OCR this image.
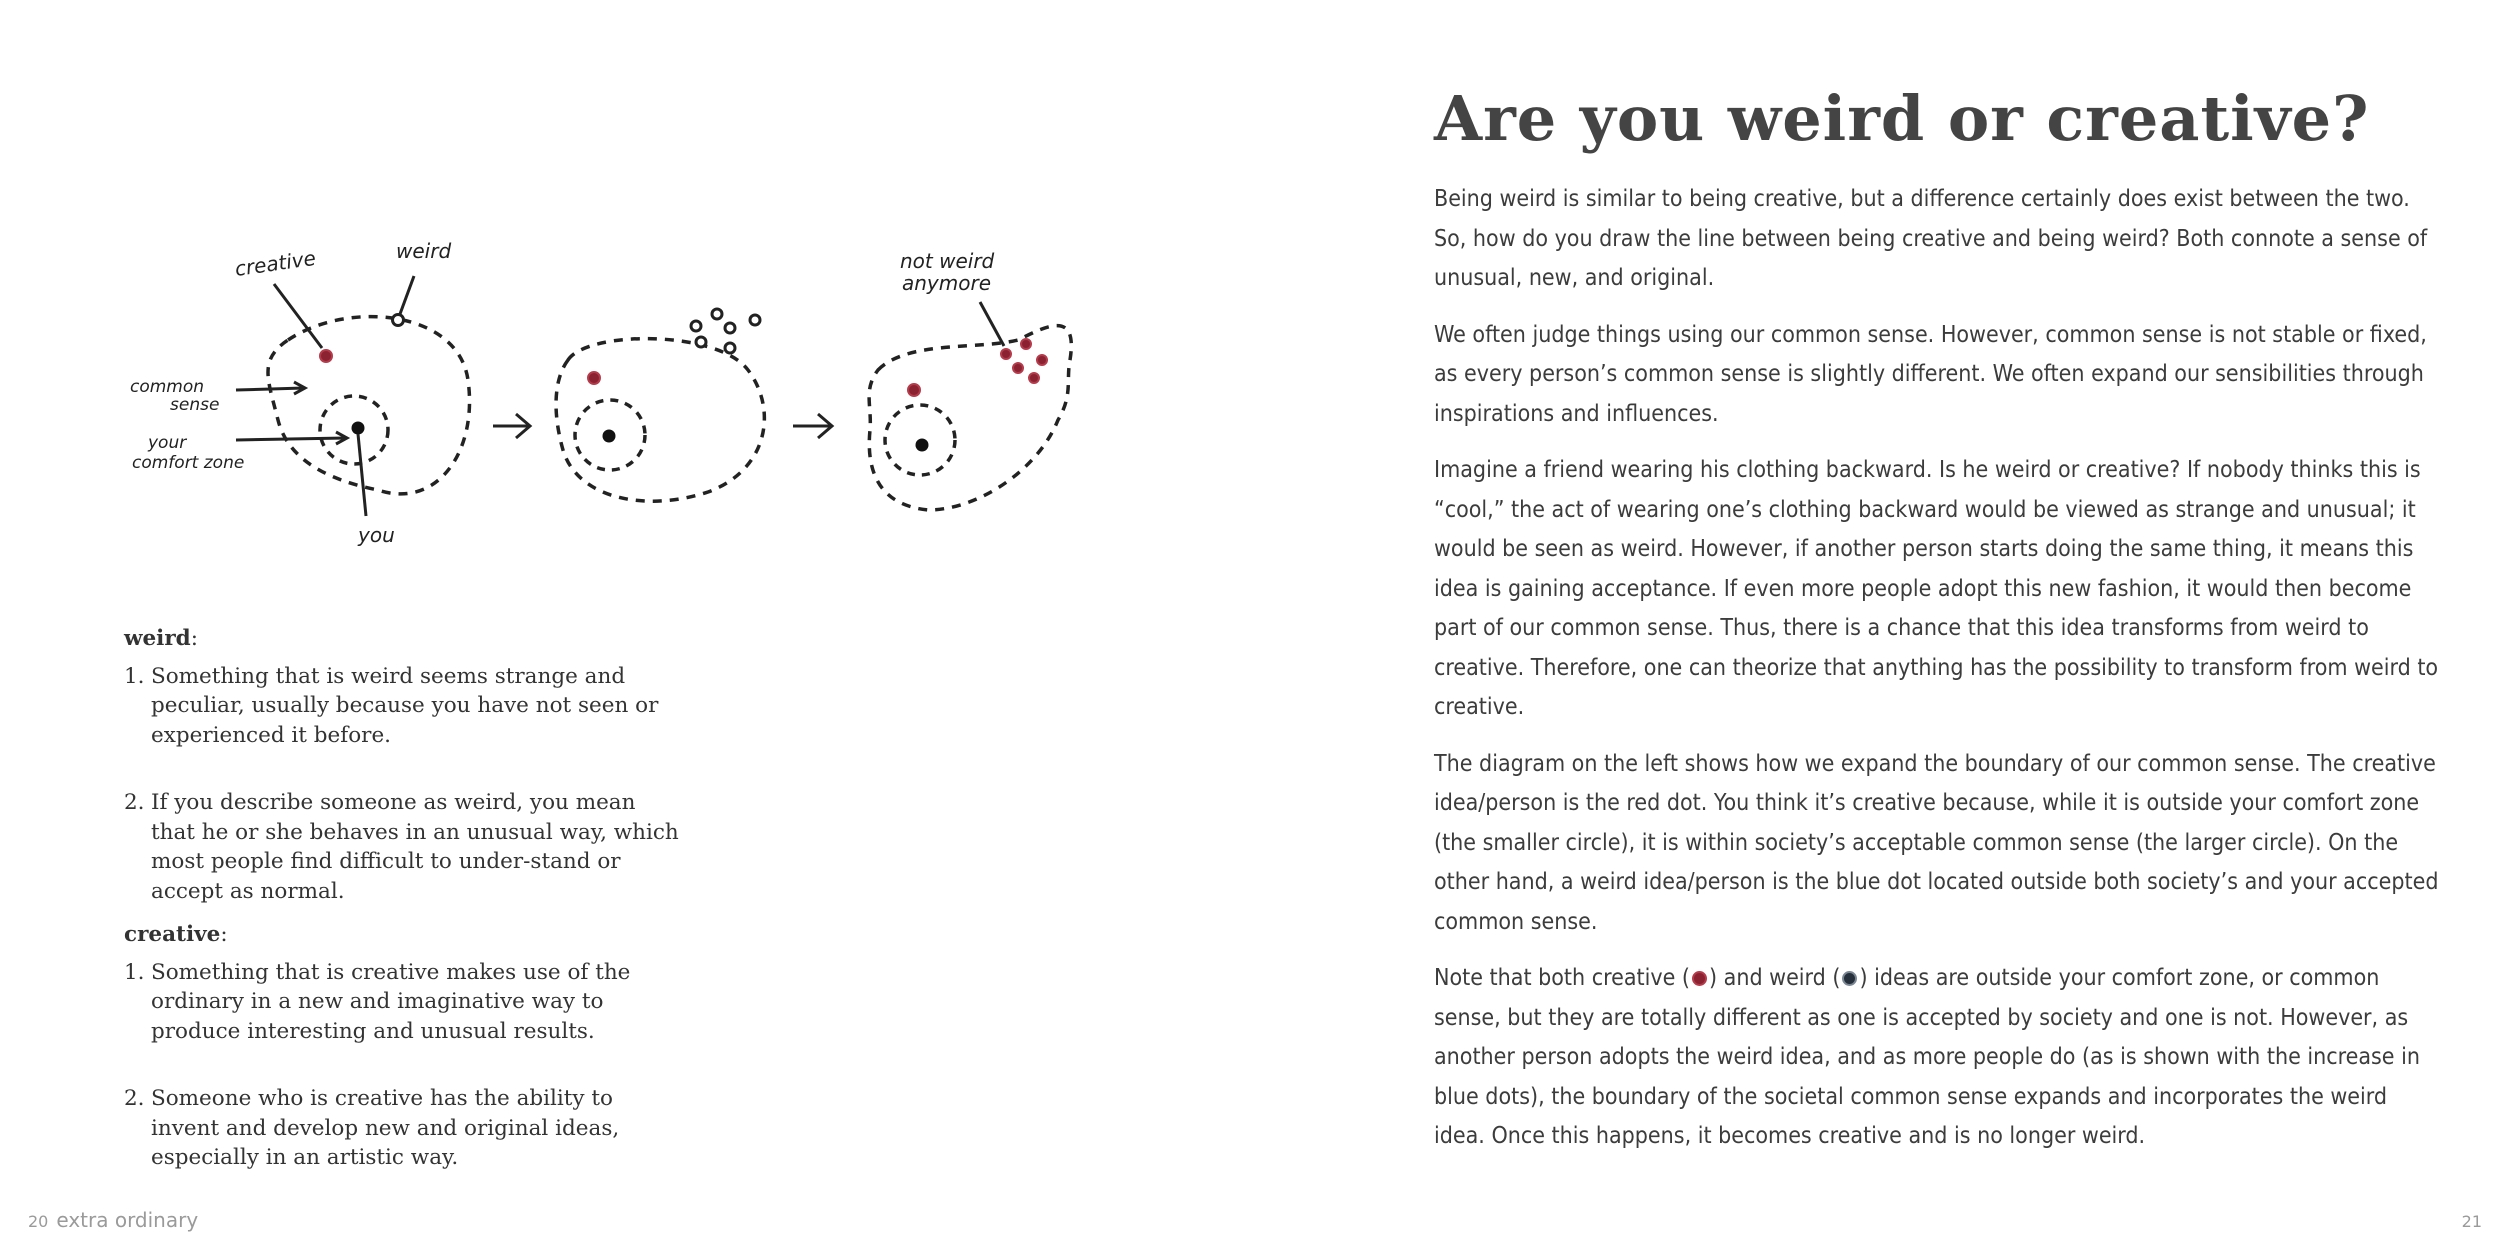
creative	weird
common
sense
your
comfort zone
you
not weird
anymore

weird:

1. Something that is weird seems strange and peculiar, usually because you have not seen or experienced it before.
2. If you describe someone as weird, you mean that he or she behaves in an unusual way, which most people find difficult to under-stand or accept as normal.

creative:

1. Something that is creative makes use of the ordinary in a new and imaginative way to produce interesting and unusual results.
2. Someone who is creative has the ability to invent and develop new and original ideas, especially in an artistic way.
20 extra ordinary
Are you weird or creative?

Being weird is similar to being creative, but a difference certainly does exist between the two. So, how do you draw the line between being creative and being weird? Both connote a sense of unusual, new, and original.

We often judge things using our common sense. However, common sense is not stable or fixed, as every person’s common sense is slightly different. We often expand our sensibilities through inspirations and influences.

Imagine a friend wearing his clothing backward. Is he weird or creative? If nobody thinks this is “cool,” the act of wearing one’s clothing backward would be viewed as strange and unusual; it would be seen as weird. However, if another person starts doing the same thing, it means this idea is gaining acceptance. If even more people adopt this new fashion, it would then become part of our common sense. Thus, there is a chance that this idea transforms from weird to creative. Therefore, one can theorize that anything has the possibility to transform from weird to creative.

The diagram on the left shows how we expand the boundary of our common sense. The creative idea/person is the red dot. You think it’s creative because, while it is outside your comfort zone (the smaller circle), it is within society’s acceptable common sense (the larger circle). On the other hand, a weird idea/person is the blue dot located outside both society’s and your accepted common sense.

Note that both creative ( ) and weird ( ) ideas are outside your comfort zone, or common sense, but they are totally different as one is accepted by society and one is not. However, as another person adopts the weird idea, and as more people do (as is shown with the increase in blue dots), the boundary of the societal common sense expands and incorporates the weird idea. Once this happens, it becomes creative and is no longer weird.

21
